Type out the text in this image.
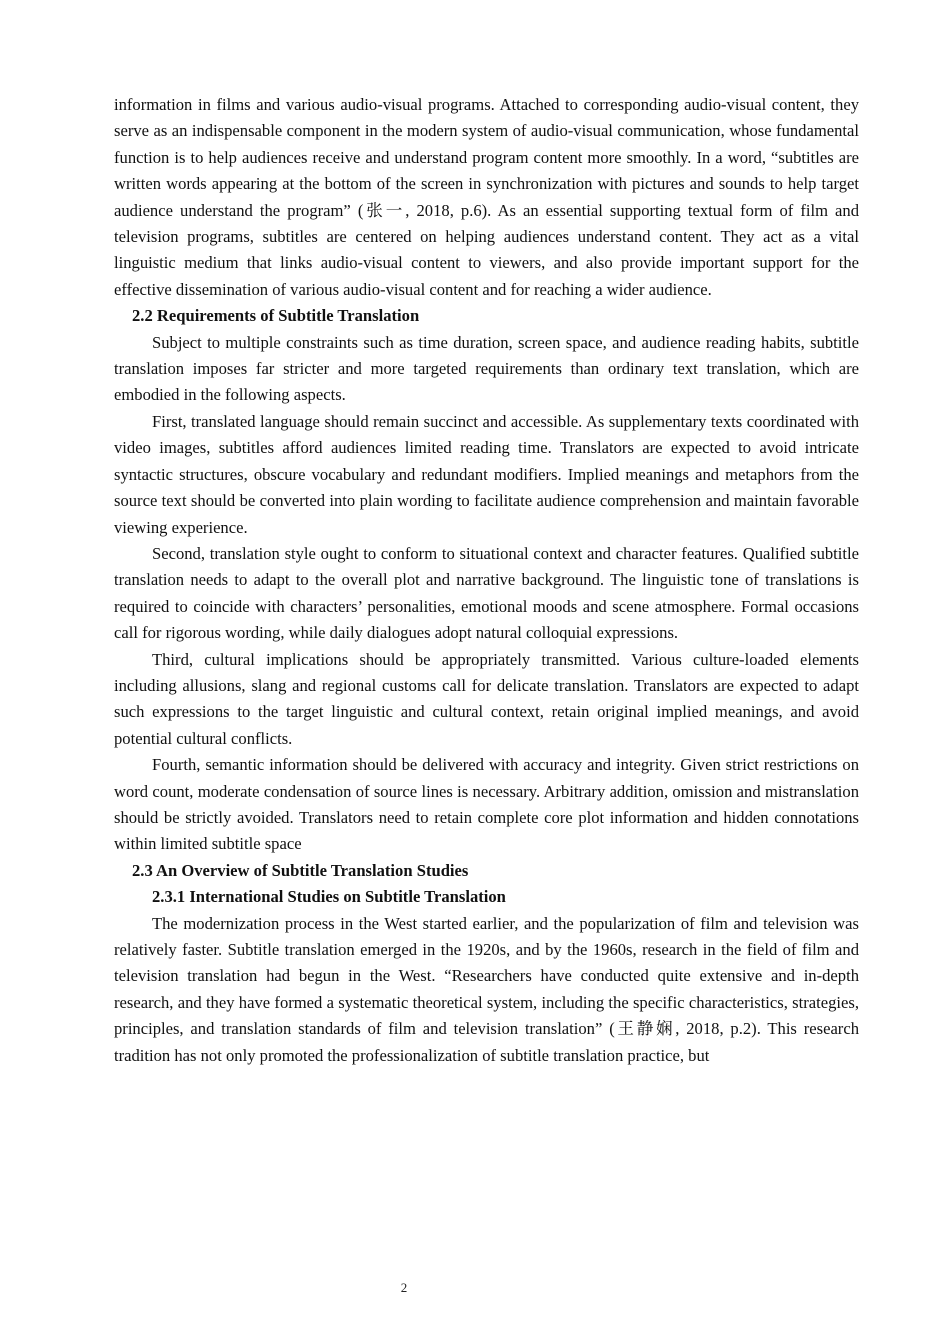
information in films and various audio-visual programs. Attached to corresponding audio-visual content, they serve as an indispensable component in the modern system of audio-visual communication, whose fundamental function is to help audiences receive and understand program content more smoothly. In a word, “subtitles are written words appearing at the bottom of the screen in synchronization with pictures and sounds to help target audience understand the program” (张一, 2018, p.6). As an essential supporting textual form of film and television programs, subtitles are centered on helping audiences understand content. They act as a vital linguistic medium that links audio-visual content to viewers, and also provide important support for the effective dissemination of various audio-visual content and for reaching a wider audience.

2.2 Requirements of Subtitle Translation

Subject to multiple constraints such as time duration, screen space, and audience reading habits, subtitle translation imposes far stricter and more targeted requirements than ordinary text translation, which are embodied in the following aspects.

First, translated language should remain succinct and accessible. As supplementary texts coordinated with video images, subtitles afford audiences limited reading time. Translators are expected to avoid intricate syntactic structures, obscure vocabulary and redundant modifiers. Implied meanings and metaphors from the source text should be converted into plain wording to facilitate audience comprehension and maintain favorable viewing experience.

Second, translation style ought to conform to situational context and character features. Qualified subtitle translation needs to adapt to the overall plot and narrative background. The linguistic tone of translations is required to coincide with characters’ personalities, emotional moods and scene atmosphere. Formal occasions call for rigorous wording, while daily dialogues adopt natural colloquial expressions.

Third, cultural implications should be appropriately transmitted. Various culture-loaded elements including allusions, slang and regional customs call for delicate translation. Translators are expected to adapt such expressions to the target linguistic and cultural context, retain original implied meanings, and avoid potential cultural conflicts.

Fourth, semantic information should be delivered with accuracy and integrity. Given strict restrictions on word count, moderate condensation of source lines is necessary. Arbitrary addition, omission and mistranslation should be strictly avoided. Translators need to retain complete core plot information and hidden connotations within limited subtitle space

2.3 An Overview of Subtitle Translation Studies

2.3.1 International Studies on Subtitle Translation

The modernization process in the West started earlier, and the popularization of film and television was relatively faster. Subtitle translation emerged in the 1920s, and by the 1960s, research in the field of film and television translation had begun in the West. “Researchers have conducted quite extensive and in-depth research, and they have formed a systematic theoretical system, including the specific characteristics, strategies, principles, and translation standards of film and television translation” (王静娴, 2018, p.2). This research tradition has not only promoted the professionalization of subtitle translation practice, but

2
